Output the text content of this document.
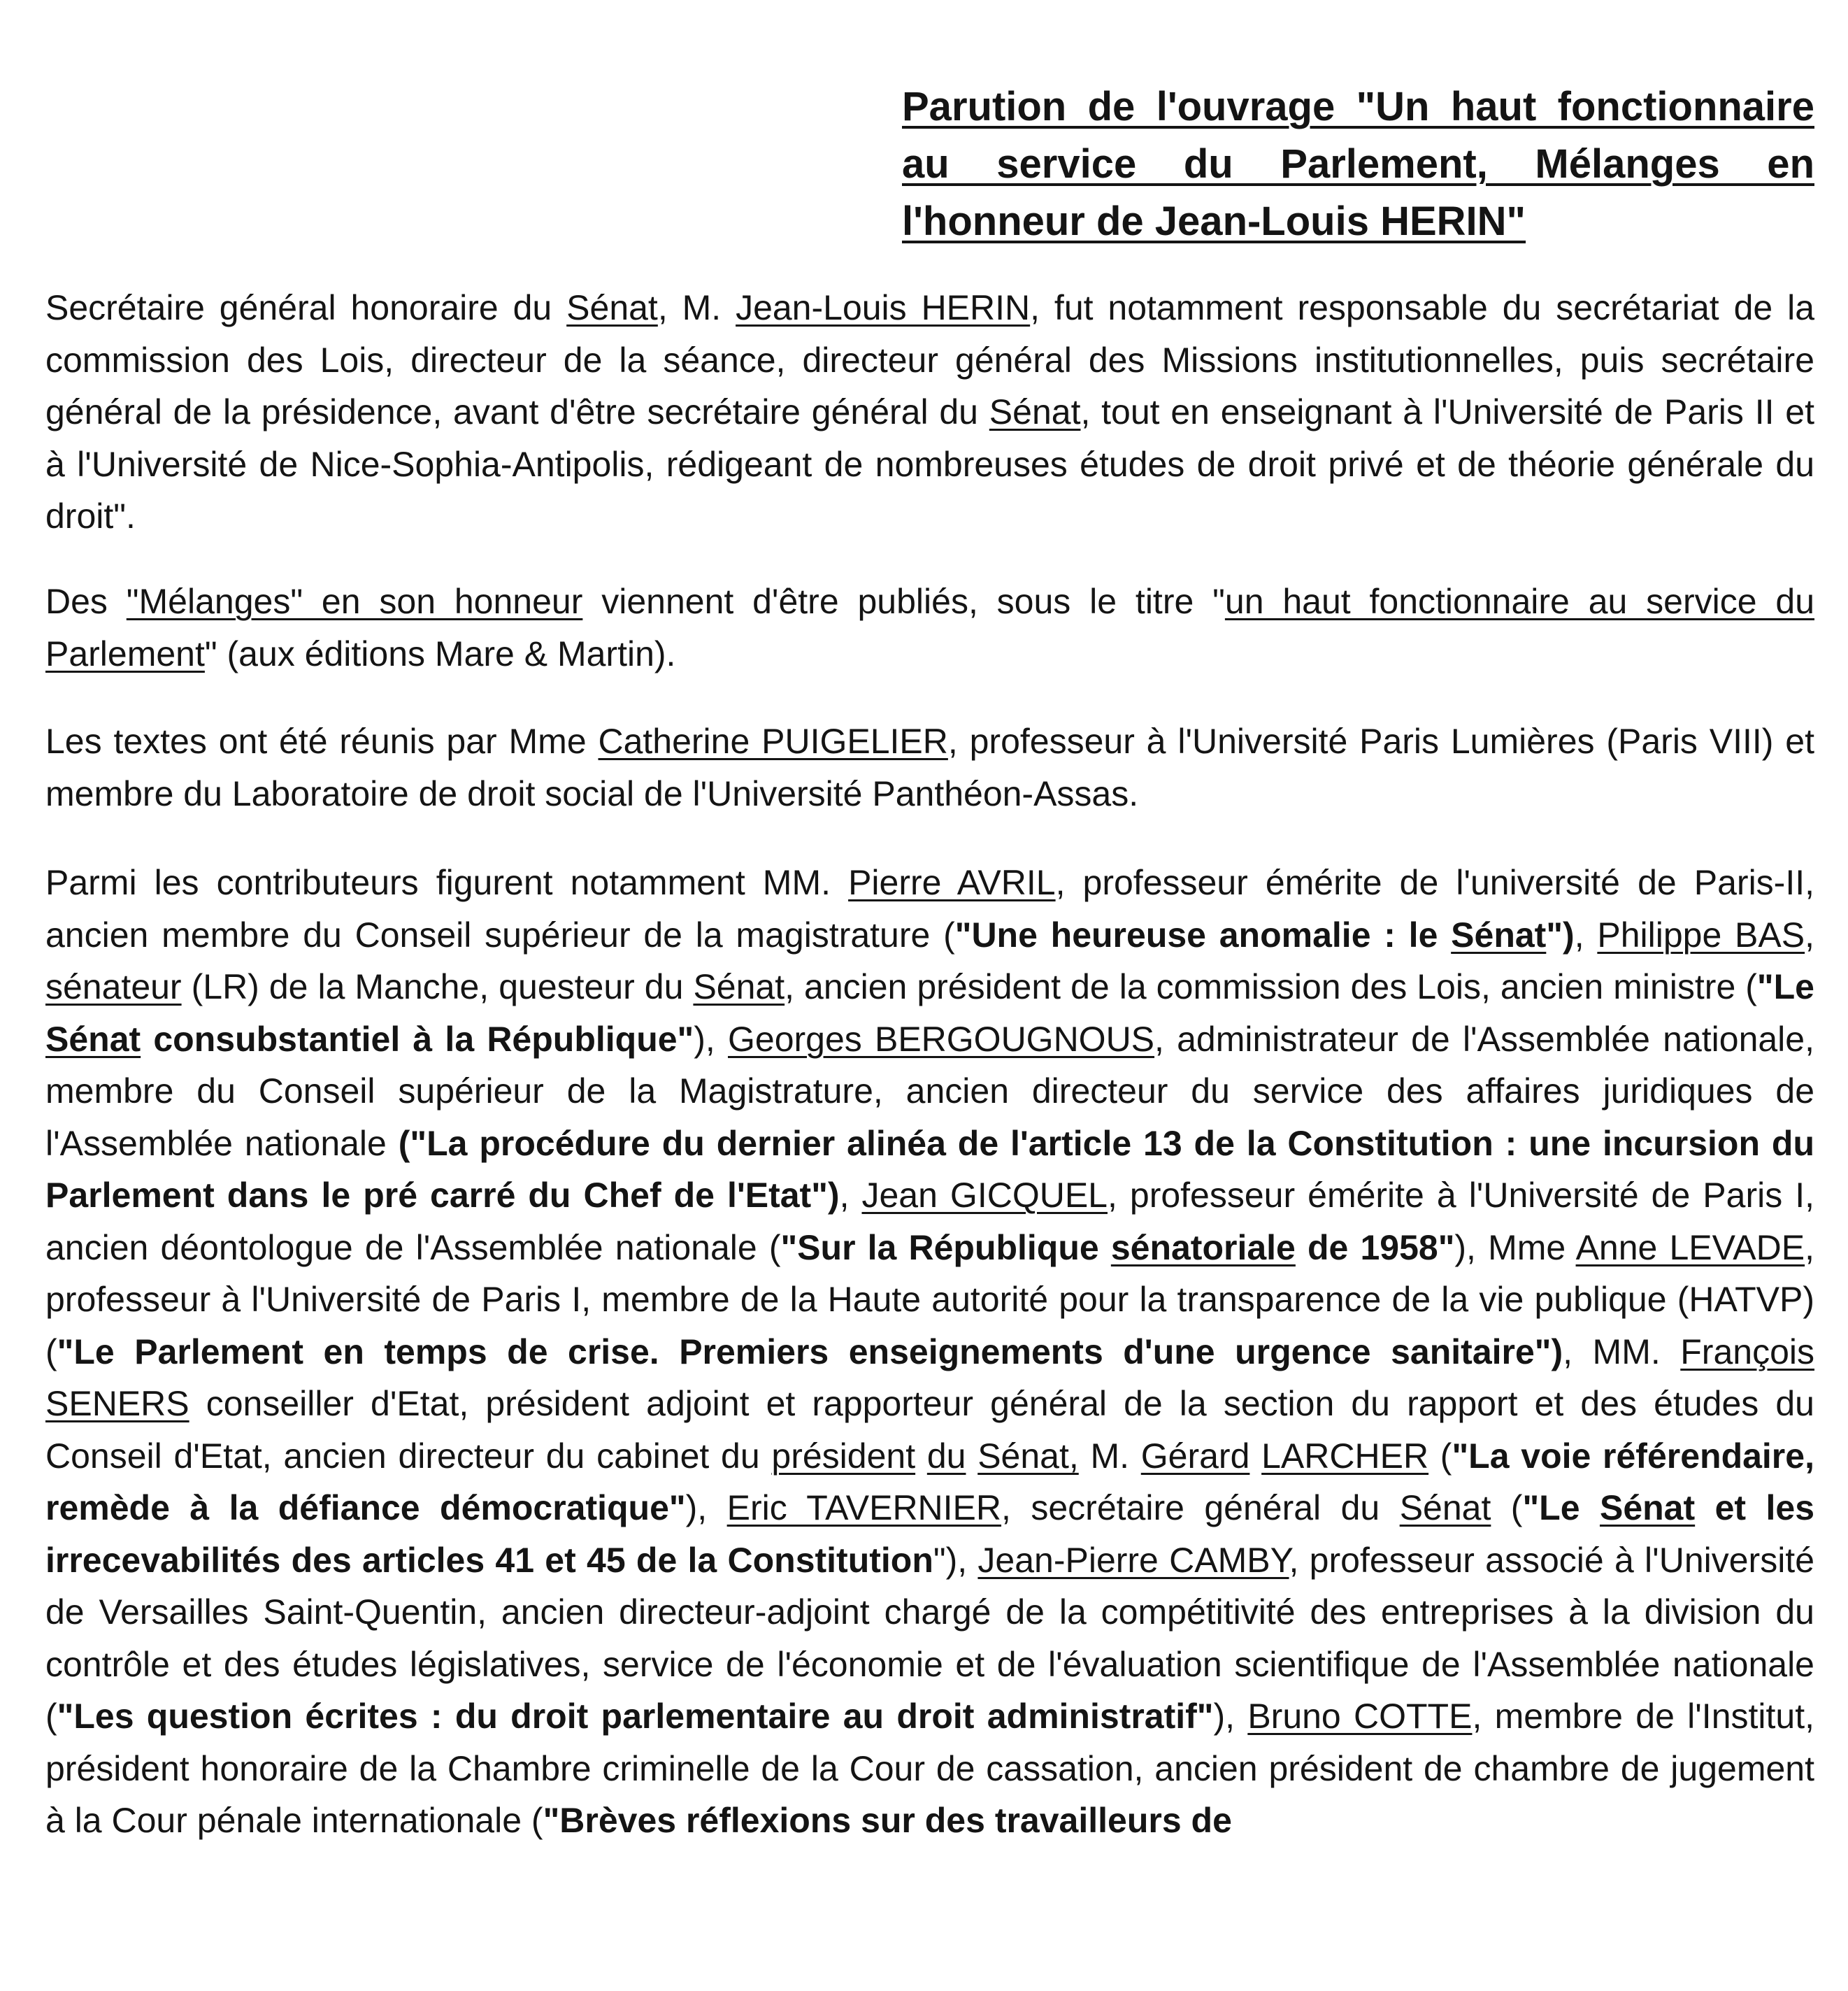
Parution de l'ouvrage "Un haut fonctionnaire
au service du Parlement, Mélanges en
l'honneur de Jean-Louis HERIN"

Secrétaire général honoraire du Sénat, M. Jean-Louis HERIN, fut notamment responsable du secrétariat de la commission des Lois, directeur de la séance, directeur général des Missions institutionnelles, puis secrétaire général de la présidence, avant d'être secrétaire général du Sénat, tout en enseignant à l'Université de Paris II et à l'Université de Nice-Sophia-Antipolis, rédigeant de nombreuses études de droit privé et de théorie générale du droit".

Des "Mélanges" en son honneur viennent d'être publiés, sous le titre "un haut fonctionnaire au service du Parlement" (aux éditions Mare & Martin).

Les textes ont été réunis par Mme Catherine PUIGELIER, professeur à l'Université Paris Lumières (Paris VIII) et membre du Laboratoire de droit social de l'Université Panthéon-Assas.

Parmi les contributeurs figurent notamment MM. Pierre AVRIL, professeur émérite de l'université de Paris-II, ancien membre du Conseil supérieur de la magistrature ("Une heureuse anomalie : le Sénat"), Philippe BAS, sénateur (LR) de la Manche, questeur du Sénat, ancien président de la commission des Lois, ancien ministre ("Le Sénat consubstantiel à la République"), Georges BERGOUGNOUS, administrateur de l'Assemblée nationale, membre du Conseil supérieur de la Magistrature, ancien directeur du service des affaires juridiques de l'Assemblée nationale ("La procédure du dernier alinéa de l'article 13 de la Constitution : une incursion du Parlement dans le pré carré du Chef de l'Etat"), Jean GICQUEL, professeur émérite à l'Université de Paris I, ancien déontologue de l'Assemblée nationale ("Sur la République sénatoriale de 1958"), Mme Anne LEVADE, professeur à l'Université de Paris I, membre de la Haute autorité pour la transparence de la vie publique (HATVP) ("Le Parlement en temps de crise. Premiers enseignements d'une urgence sanitaire"), MM. François SENERS conseiller d'Etat, président adjoint et rapporteur général de la section du rapport et des études du Conseil d'Etat, ancien directeur du cabinet du président du Sénat, M. Gérard LARCHER ("La voie référendaire, remède à la défiance démocratique"), Eric TAVERNIER, secrétaire général du Sénat ("Le Sénat et les irrecevabilités des articles 41 et 45 de la Constitution"), Jean-Pierre CAMBY, professeur associé à l'Université de Versailles Saint-Quentin, ancien directeur-adjoint chargé de la compétitivité des entreprises à la division du contrôle et des études législatives, service de l'économie et de l'évaluation scientifique de l'Assemblée nationale ("Les question écrites : du droit parlementaire au droit administratif"), Bruno COTTE, membre de l'Institut, président honoraire de la Chambre criminelle de la Cour de cassation, ancien président de chambre de jugement à la Cour pénale internationale ("Brèves réflexions sur des travailleurs de
